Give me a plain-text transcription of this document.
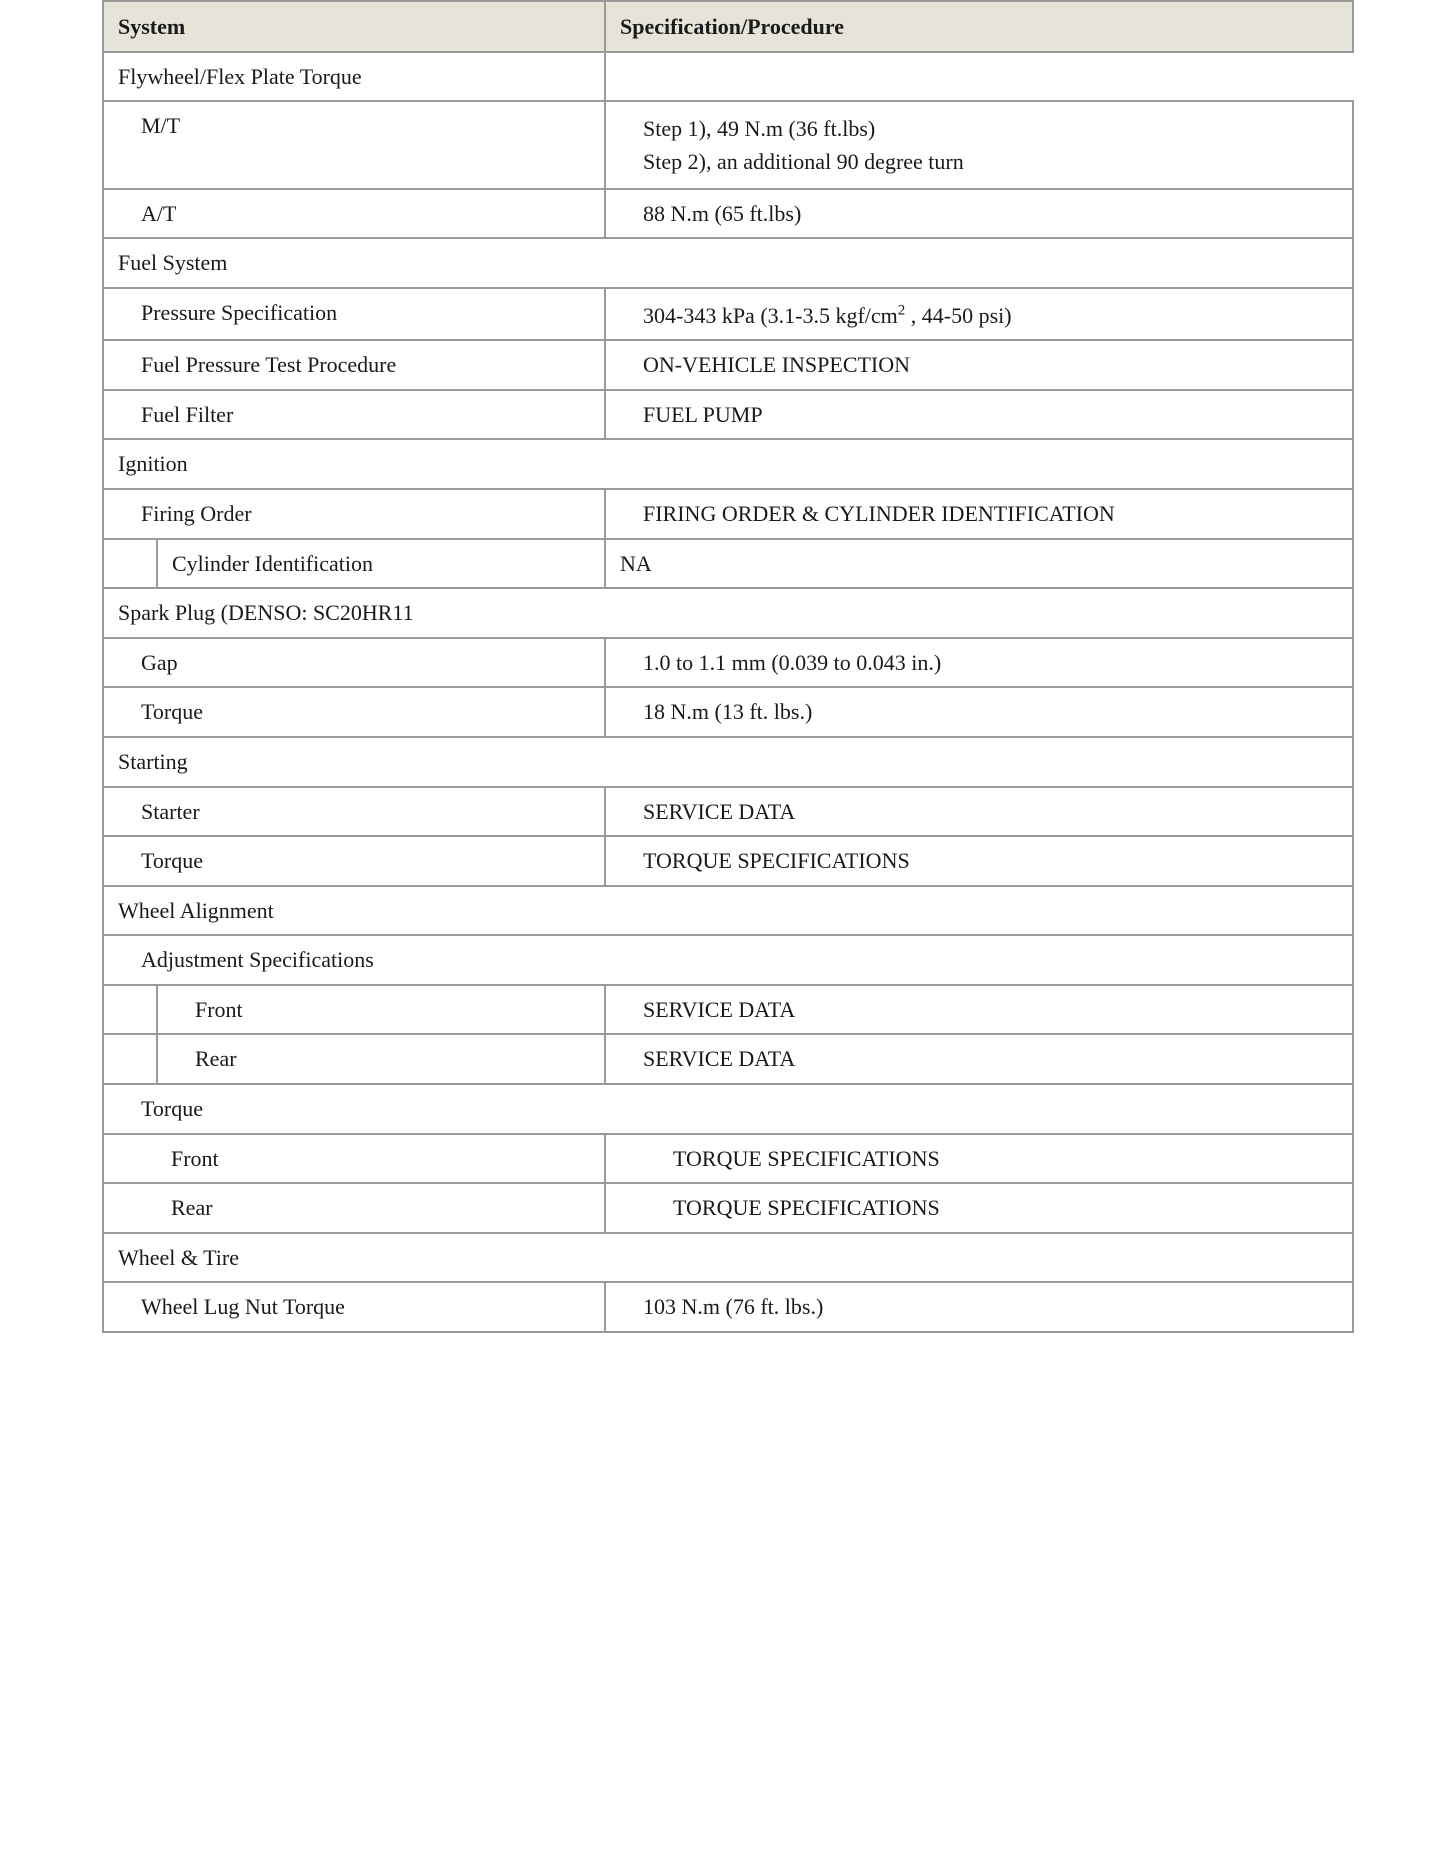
System	Specification/Procedure

Flywheel/Flex Plate Torque	

M/T	Step 1), 49 N.m (36 ft.lbs)
Step 2), an additional 90 degree turn

A/T	88 N.m (65 ft.lbs)

Fuel System	

Pressure Specification	304-343 kPa (3.1-3.5 kgf/$cm^2$ , 44-50 psi)

Fuel Pressure Test Procedure	ON-VEHICLE INSPECTION

Fuel Filter	FUEL PUMP

Ignition	

Firing Order	FIRING ORDER & CYLINDER IDENTIFICATION

Cylinder Identification	NA

Spark Plug (DENSO: SC20HR11	

Gap	1.0 to 1.1 mm (0.039 to 0.043 in.)

Torque	18 N.m (13 ft. lbs.)

Starting	

Starter	SERVICE DATA

Torque	TORQUE SPECIFICATIONS

Wheel Alignment	

Adjustment Specifications	

Front	SERVICE DATA

Rear	SERVICE DATA

Torque	

Front	TORQUE SPECIFICATIONS

Rear	TORQUE SPECIFICATIONS

Wheel & Tire	

Wheel Lug Nut Torque	103 N.m (76 ft. lbs.)
